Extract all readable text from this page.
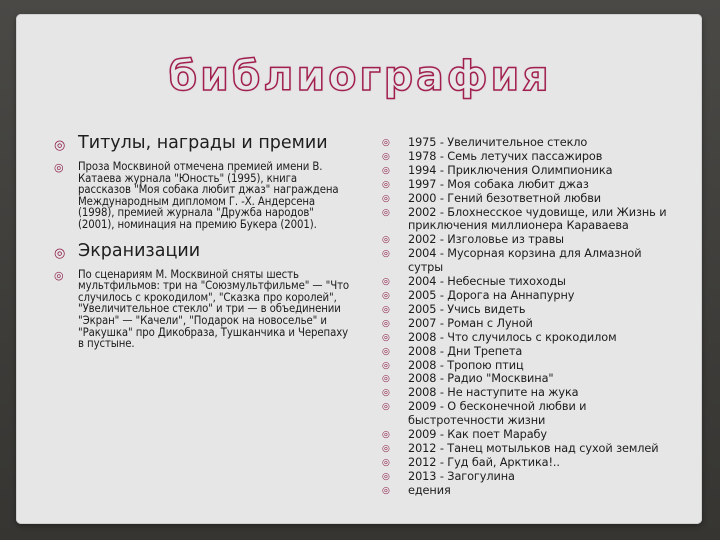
библиография
◎ Титулы, награды и премии
◎ Проза Москвиной отмечена премией имени В. Катаева журнала "Юность" (1995), книга рассказов "Моя собака любит джаз" награждена Международным дипломом Г. -Х. Андерсена (1998), премией журнала "Дружба народов" (2001), номинация на премию Букера (2001).
◎ Экранизации
◎ По сценариям М. Москвиной сняты шесть мультфильмов: три на "Союзмультфильме" — "Что случилось с крокодилом", "Сказка про королей", "Увеличительное стекло" и три — в объединении "Экран" — "Качели", "Подарок на новоселье" и "Ракушка" про Дикобраза, Тушканчика и Черепаху в пустыне.
◎ 1975 - Увеличительное стекло
◎ 1978 - Семь летучих пассажиров
◎ 1994 - Приключения Олимпионика
◎ 1997 - Моя собака любит джаз
◎ 2000 - Гений безответной любви
◎ 2002 - Блохнесское чудовище, или Жизнь и приключения миллионера Караваева
◎ 2002 - Изголовье из травы
◎ 2004 - Мусорная корзина для Алмазной сутры
◎ 2004 - Небесные тихоходы
◎ 2005 - Дорога на Аннапурну
◎ 2005 - Учись видеть
◎ 2007 - Роман с Луной
◎ 2008 - Что случилось с крокодилом
◎ 2008 - Дни Трепета
◎ 2008 - Тропою птиц
◎ 2008 - Радио "Москвина"
◎ 2008 - Не наступите на жука
◎ 2009 - О бесконечной любви и быстротечности жизни
◎ 2009 - Как поет Марабу
◎ 2012 - Танец мотыльков над сухой землей
◎ 2012 - Гуд бай, Арктика!..
◎ 2013 - Загогулина
◎ едения
